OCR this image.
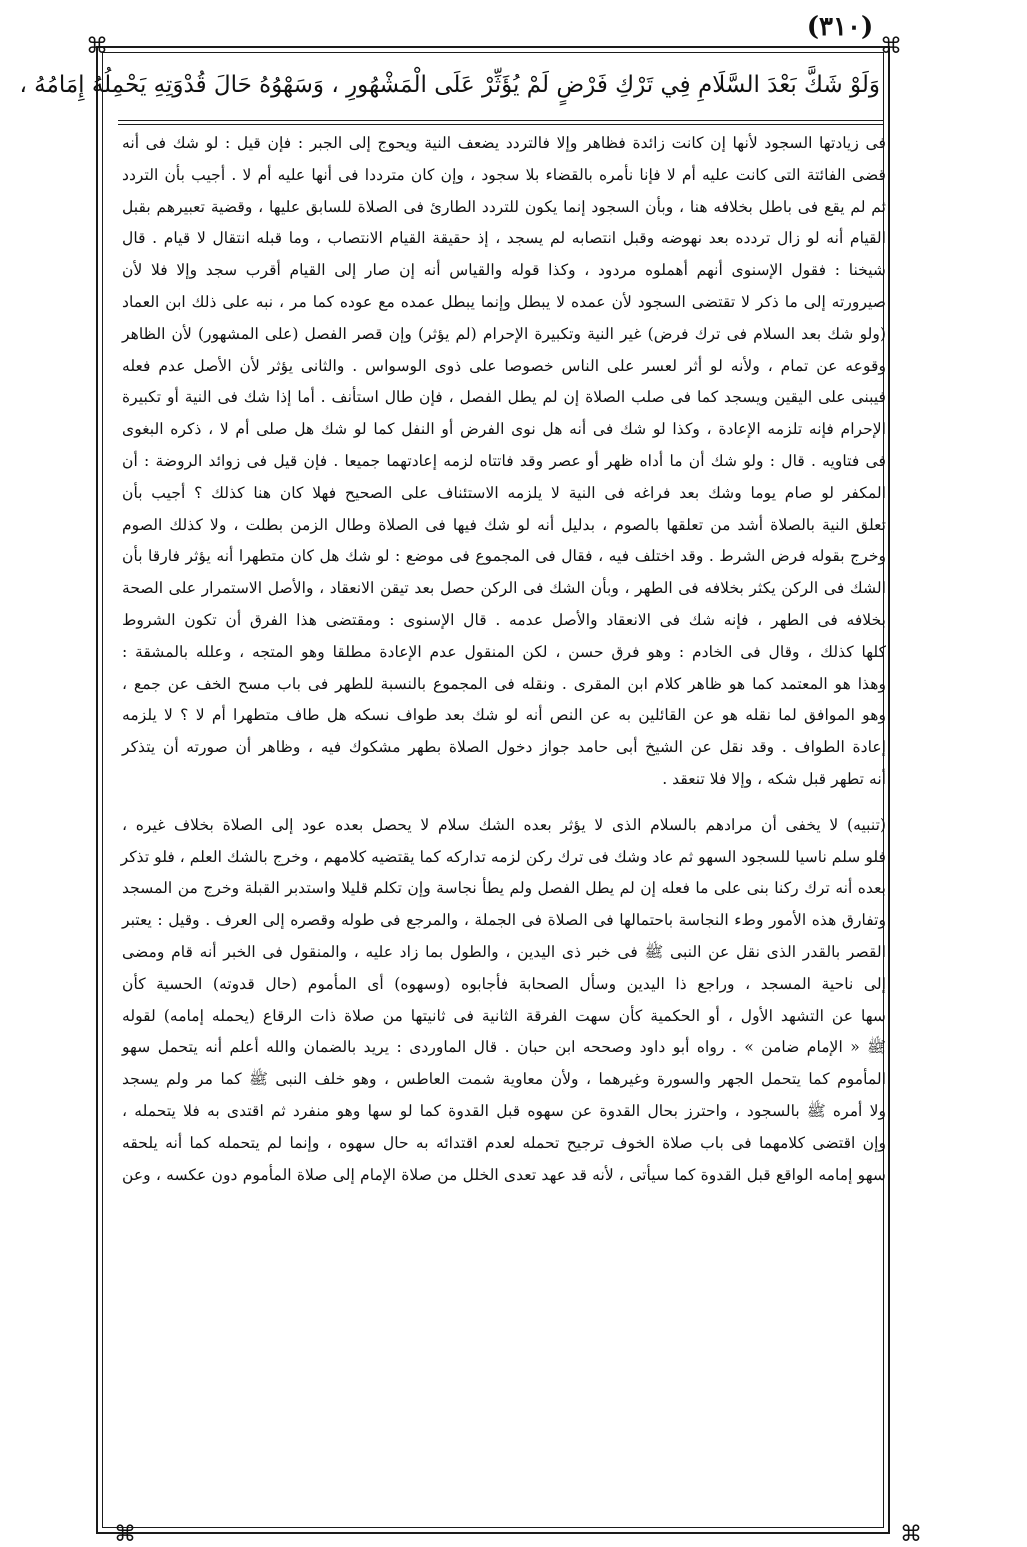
(٣١٠)
⌘	⌘
⌘	⌘
وَلَوْ شَكَّ بَعْدَ السَّلَامِ فِي تَرْكِ فَرْضٍ لَمْ يُؤَثِّرْ عَلَى الْمَشْهُورِ ، وَسَهْوُهُ حَالَ قُدْوَتِهِ يَحْمِلُهُ إِمَامُهُ ،
فى زيادتها السجود لأنها إن كانت زائدة فظاهر وإلا فالتردد يضعف النية ويحوج إلى الجبر : فإن قيل : لو شك فى أنه
قضى الفائتة التى كانت عليه أم لا فإنا نأمره بالقضاء بلا سجود ، وإن كان مترددا فى أنها عليه أم لا . أجيب بأن التردد
ثم لم يقع فى باطل بخلافه هنا ، وبأن السجود إنما يكون للتردد الطارئ فى الصلاة للسابق عليها ، وقضية تعبيرهم بقبل
القيام أنه لو زال تردده بعد نهوضه وقبل انتصابه لم يسجد ، إذ حقيقة القيام الانتصاب ، وما قبله انتقال لا قيام . قال
شيخنا : فقول الإسنوى أنهم أهملوه مردود ، وكذا قوله والقياس أنه إن صار إلى القيام أقرب سجد وإلا فلا لأن
صيرورته إلى ما ذكر لا تقتضى السجود لأن عمده لا يبطل وإنما يبطل عمده مع عوده كما مر ، نبه على ذلك ابن العماد
(ولو شك بعد السلام فى ترك فرض) غير النية وتكبيرة الإحرام (لم يؤثر) وإن قصر الفصل (على المشهور) لأن الظاهر
وقوعه عن تمام ، ولأنه لو أثر لعسر على الناس خصوصا على ذوى الوسواس . والثانى يؤثر لأن الأصل عدم فعله
فيبنى على اليقين ويسجد كما فى صلب الصلاة إن لم يطل الفصل ، فإن طال استأنف . أما إذا شك فى النية أو تكبيرة
الإحرام فإنه تلزمه الإعادة ، وكذا لو شك فى أنه هل نوى الفرض أو النفل كما لو شك هل صلى أم لا ، ذكره البغوى
فى فتاويه . قال : ولو شك أن ما أداه ظهر أو عصر وقد فاتتاه لزمه إعادتهما جميعا . فإن قيل فى زوائد الروضة : أن
المكفر لو صام يوما وشك بعد فراغه فى النية لا يلزمه الاستئناف على الصحيح فهلا كان هنا كذلك ؟ أجيب بأن
تعلق النية بالصلاة أشد من تعلقها بالصوم ، بدليل أنه لو شك فيها فى الصلاة وطال الزمن بطلت ، ولا كذلك الصوم
وخرج بقوله فرض الشرط . وقد اختلف فيه ، فقال فى المجموع فى موضع : لو شك هل كان متطهرا أنه يؤثر فارقا بأن
الشك فى الركن يكثر بخلافه فى الطهر ، وبأن الشك فى الركن حصل بعد تيقن الانعقاد ، والأصل الاستمرار على الصحة
بخلافه فى الطهر ، فإنه شك فى الانعقاد والأصل عدمه . قال الإسنوى : ومقتضى هذا الفرق أن تكون الشروط
كلها كذلك ، وقال فى الخادم : وهو فرق حسن ، لكن المنقول عدم الإعادة مطلقا وهو المتجه ، وعلله بالمشقة :
وهذا هو المعتمد كما هو ظاهر كلام ابن المقرى . ونقله فى المجموع بالنسبة للطهر فى باب مسح الخف عن جمع ،
وهو الموافق لما نقله هو عن القائلين به عن النص أنه لو شك بعد طواف نسكه هل طاف متطهرا أم لا ؟ لا يلزمه
إعادة الطواف . وقد نقل عن الشيخ أبى حامد جواز دخول الصلاة بطهر مشكوك فيه ، وظاهر أن صورته أن يتذكر
أنه تطهر قبل شكه ، وإلا فلا تنعقد .
(تنبيه) لا يخفى أن مرادهم بالسلام الذى لا يؤثر بعده الشك سلام لا يحصل بعده عود إلى الصلاة بخلاف غيره ،
فلو سلم ناسيا للسجود السهو ثم عاد وشك فى ترك ركن لزمه تداركه كما يقتضيه كلامهم ، وخرج بالشك العلم ، فلو تذكر
بعده أنه ترك ركنا بنى على ما فعله إن لم يطل الفصل ولم يطأ نجاسة وإن تكلم قليلا واستدبر القبلة وخرج من المسجد
وتفارق هذه الأمور وطء النجاسة باحتمالها فى الصلاة فى الجملة ، والمرجع فى طوله وقصره إلى العرف . وقيل : يعتبر
القصر بالقدر الذى نقل عن النبى ﷺ فى خبر ذى اليدين ، والطول بما زاد عليه ، والمنقول فى الخبر أنه قام ومضى
إلى ناحية المسجد ، وراجع ذا اليدين وسأل الصحابة فأجابوه (وسهوه) أى المأموم (حال قدوته) الحسية كأن
سها عن التشهد الأول ، أو الحكمية كأن سهت الفرقة الثانية فى ثانيتها من صلاة ذات الرقاع (يحمله إمامه) لقوله
ﷺ « الإمام ضامن » . رواه أبو داود وصححه ابن حبان . قال الماوردى : يريد بالضمان والله أعلم أنه يتحمل سهو
المأموم كما يتحمل الجهر والسورة وغيرهما ، ولأن معاوية شمت العاطس ، وهو خلف النبى ﷺ كما مر ولم يسجد
ولا أمره ﷺ بالسجود ، واحترز بحال القدوة عن سهوه قبل القدوة كما لو سها وهو منفرد ثم اقتدى به فلا يتحمله ،
وإن اقتضى كلامهما فى باب صلاة الخوف ترجيح تحمله لعدم اقتدائه به حال سهوه ، وإنما لم يتحمله كما أنه يلحقه
سهو إمامه الواقع قبل القدوة كما سيأتى ، لأنه قد عهد تعدى الخلل من صلاة الإمام إلى صلاة المأموم دون عكسه ، وعن
